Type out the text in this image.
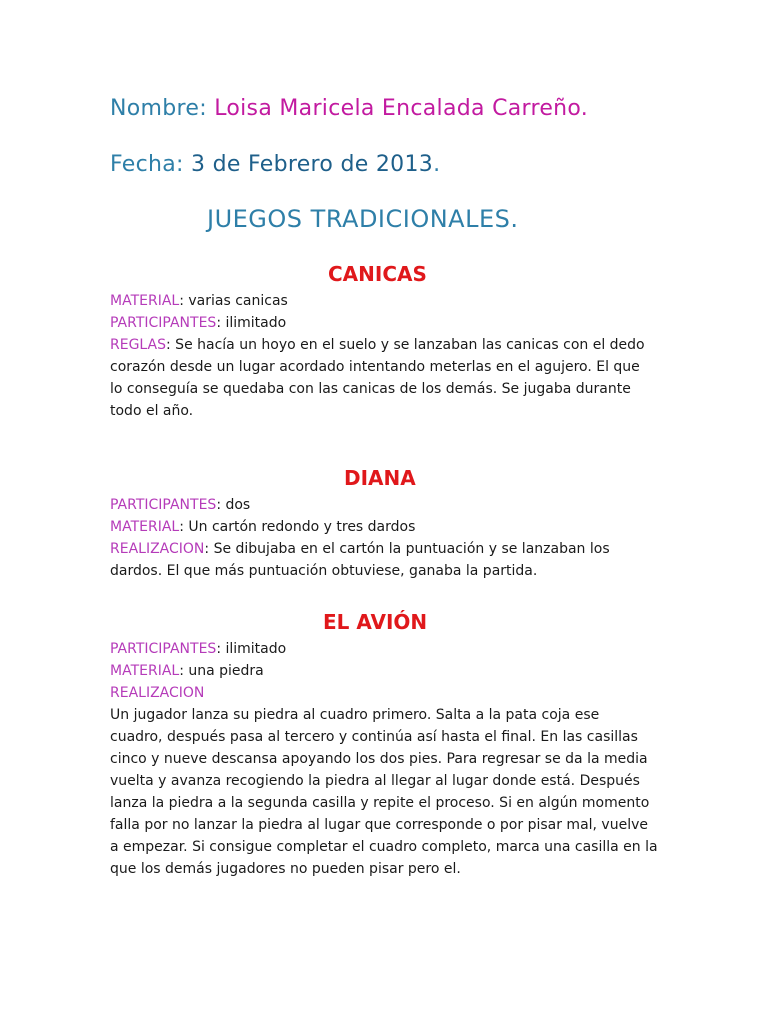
Nombre: Loisa Maricela Encalada Carreño.
Fecha: 3 de Febrero de 2013.
JUEGOS TRADICIONALES.
CANICAS
MATERIAL: varias canicas
PARTICIPANTES: ilimitado
REGLAS: Se hacía un hoyo en el suelo y se lanzaban las canicas con el dedo
corazón desde un lugar acordado intentando meterlas en el agujero. El que
lo conseguía se quedaba con las canicas de los demás. Se jugaba durante
todo el año.
DIANA
PARTICIPANTES: dos
MATERIAL: Un cartón redondo y tres dardos
REALIZACION: Se dibujaba en el cartón la puntuación y se lanzaban los
dardos. El que más puntuación obtuviese, ganaba la partida.
EL AVIÓN
PARTICIPANTES: ilimitado
MATERIAL: una piedra
REALIZACION
Un jugador lanza su piedra al cuadro primero. Salta a la pata coja ese
cuadro, después pasa al tercero y continúa así hasta el final. En las casillas
cinco y nueve descansa apoyando los dos pies. Para regresar se da la media
vuelta y avanza recogiendo la piedra al llegar al lugar donde está. Después
lanza la piedra a la segunda casilla y repite el proceso. Si en algún momento
falla por no lanzar la piedra al lugar que corresponde o por pisar mal, vuelve
a empezar. Si consigue completar el cuadro completo, marca una casilla en la
que los demás jugadores no pueden pisar pero el.
